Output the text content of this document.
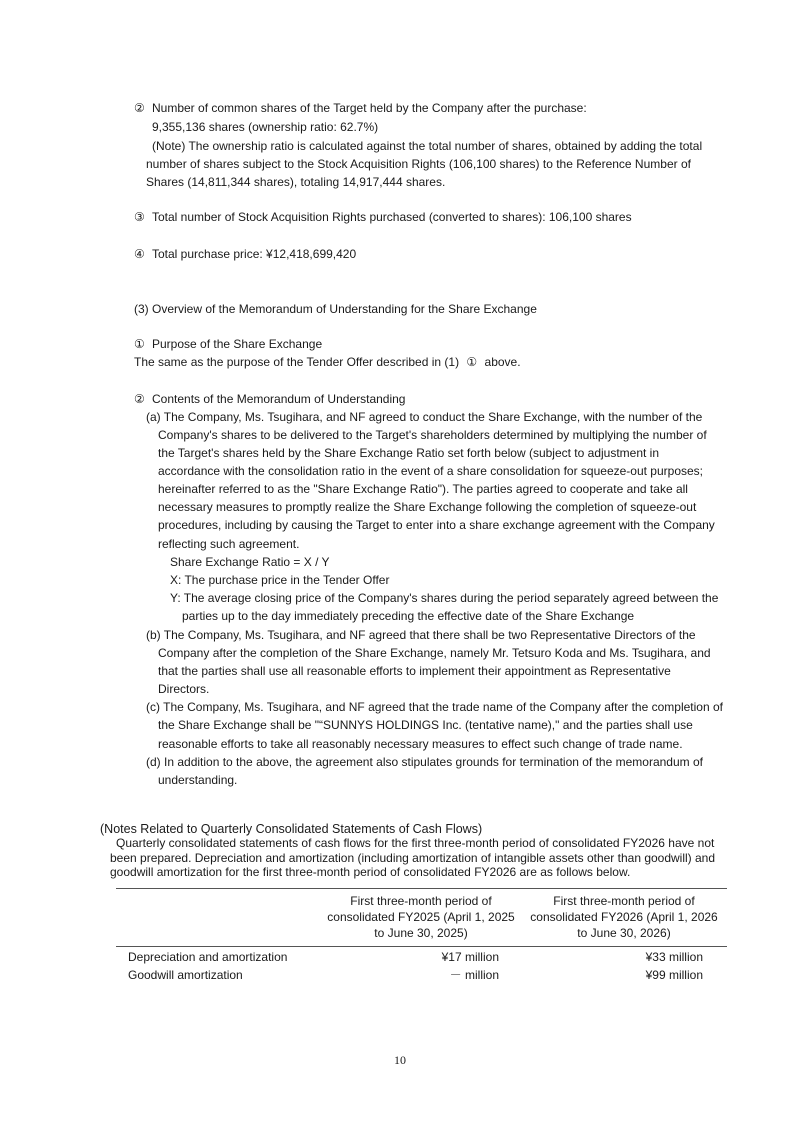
② Number of common shares of the Target held by the Company after the purchase:
9,355,136 shares (ownership ratio: 62.7%)
(Note) The ownership ratio is calculated against the total number of shares, obtained by adding the total
number of shares subject to the Stock Acquisition Rights (106,100 shares) to the Reference Number of
Shares (14,811,344 shares), totaling 14,917,444 shares.
③ Total number of Stock Acquisition Rights purchased (converted to shares): 106,100 shares
④ Total purchase price: ¥12,418,699,420
(3) Overview of the Memorandum of Understanding for the Share Exchange
① Purpose of the Share Exchange
The same as the purpose of the Tender Offer described in (1) ① above.
② Contents of the Memorandum of Understanding
(a) The Company, Ms. Tsugihara, and NF agreed to conduct the Share Exchange, with the number of the
Company's shares to be delivered to the Target's shareholders determined by multiplying the number of
the Target's shares held by the Share Exchange Ratio set forth below (subject to adjustment in
accordance with the consolidation ratio in the event of a share consolidation for squeeze-out purposes;
hereinafter referred to as the "Share Exchange Ratio"). The parties agreed to cooperate and take all
necessary measures to promptly realize the Share Exchange following the completion of squeeze-out
procedures, including by causing the Target to enter into a share exchange agreement with the Company
reflecting such agreement.
Share Exchange Ratio = X / Y
X: The purchase price in the Tender Offer
Y: The average closing price of the Company's shares during the period separately agreed between the
parties up to the day immediately preceding the effective date of the Share Exchange
(b) The Company, Ms. Tsugihara, and NF agreed that there shall be two Representative Directors of the
Company after the completion of the Share Exchange, namely Mr. Tetsuro Koda and Ms. Tsugihara, and
that the parties shall use all reasonable efforts to implement their appointment as Representative
Directors.
(c) The Company, Ms. Tsugihara, and NF agreed that the trade name of the Company after the completion of
the Share Exchange shall be "“SUNNYS HOLDINGS Inc. (tentative name)," and the parties shall use
reasonable efforts to take all reasonably necessary measures to effect such change of trade name.
(d) In addition to the above, the agreement also stipulates grounds for termination of the memorandum of
understanding.
(Notes Related to Quarterly Consolidated Statements of Cash Flows)
Quarterly consolidated statements of cash flows for the first three-month period of consolidated FY2026 have not
been prepared. Depreciation and amortization (including amortization of intangible assets other than goodwill) and
goodwill amortization for the first three-month period of consolidated FY2026 are as follows below.
First three-month period of consolidated FY2025 (April 1, 2025 to June 30, 2025)
First three-month period of consolidated FY2026 (April 1, 2026 to June 30, 2026)
Depreciation and amortization	¥17 million	¥33 million
Goodwill amortization	－ million	¥99 million
10
